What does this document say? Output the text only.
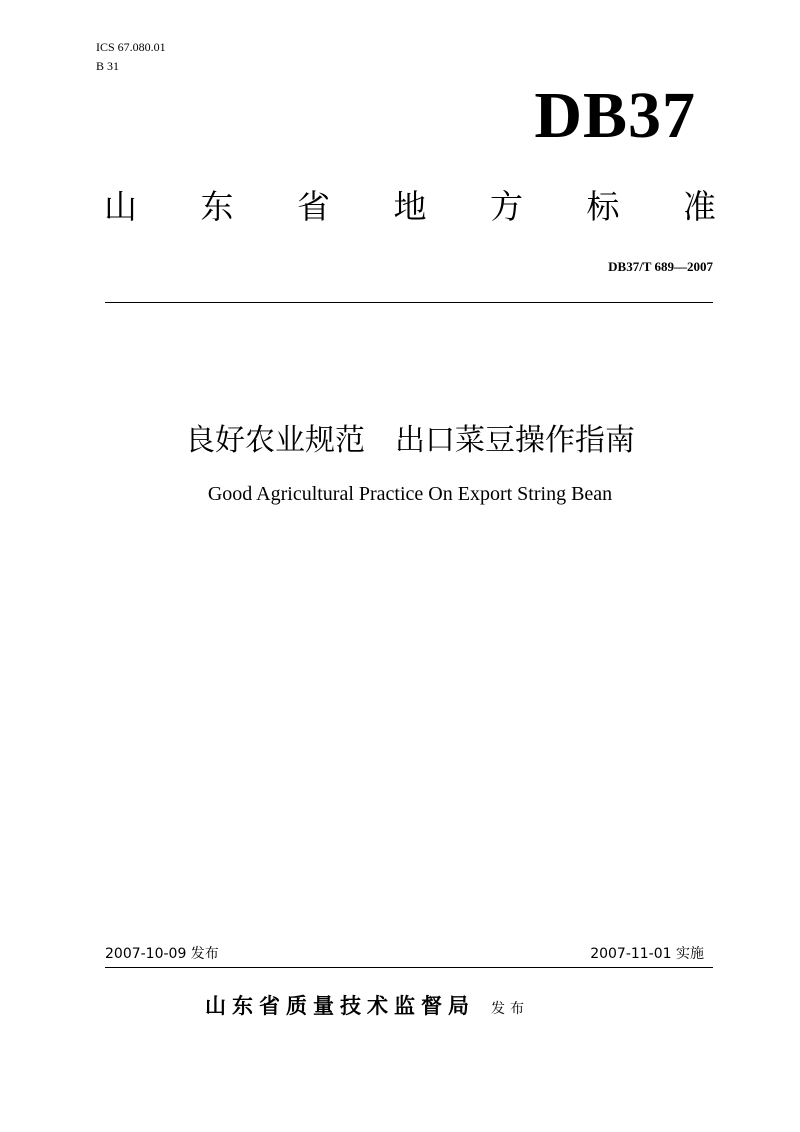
ICS 67.080.01
B 31
DB37
山 东 省 地 方 标 准
DB37/T 689—2007
良好农业规范　出口菜豆操作指南
Good Agricultural Practice On Export String Bean
2007-10-09 发布	2007-11-01 实施
山东省质量技术监督局 发布
